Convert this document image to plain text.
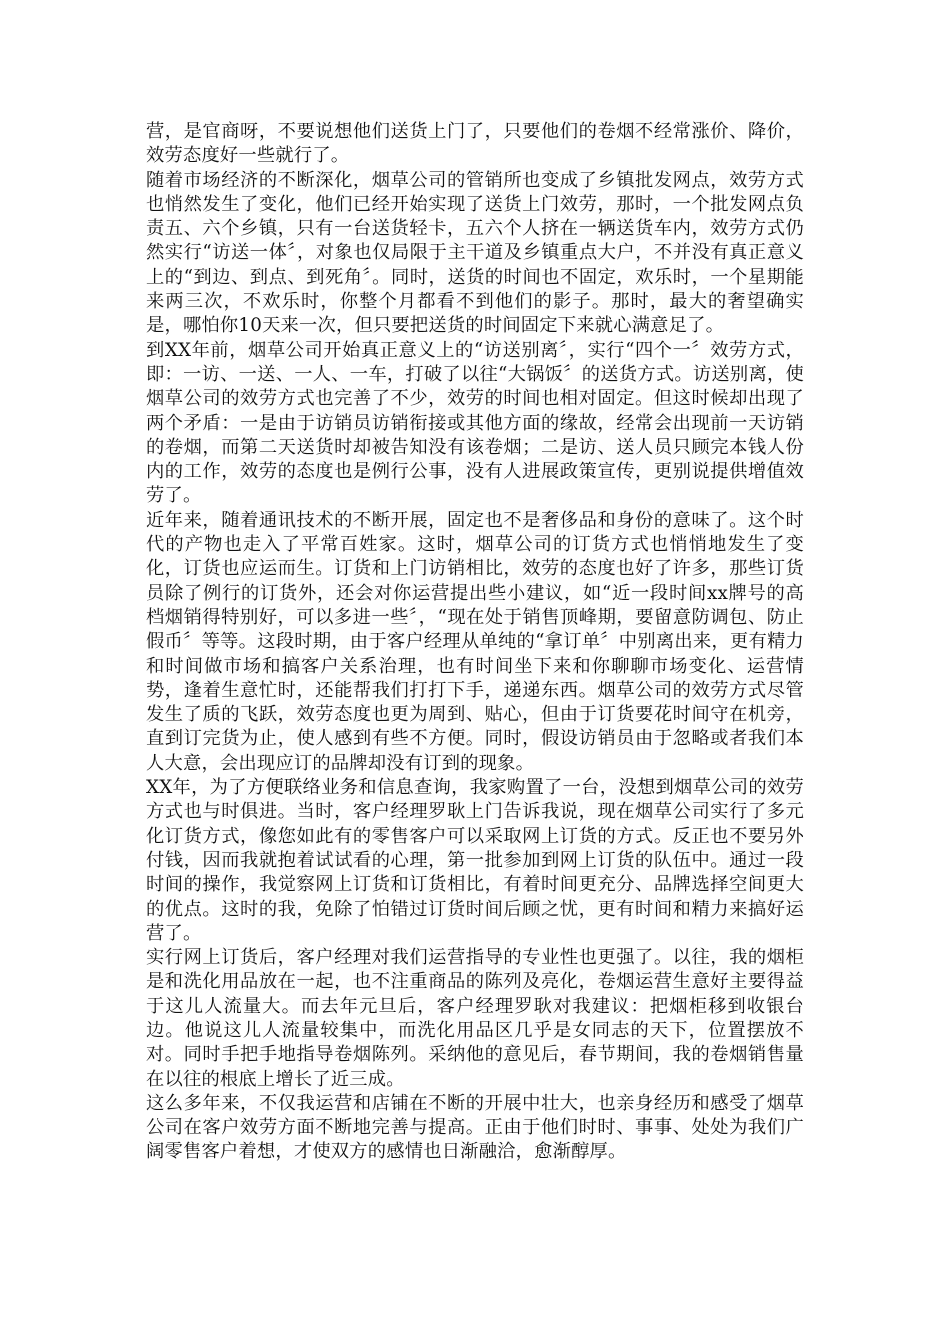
营，是官商呀，不要说想他们送货上门了，只要他们的卷烟不经常涨价、降价，效劳态度好一些就行了。

随着市场经济的不断深化，烟草公司的管销所也变成了乡镇批发网点，效劳方式也悄然发生了变化，他们已经开始实现了送货上门效劳，那时，一个批发网点负责五、六个乡镇，只有一台送货轻卡，五六个人挤在一辆送货车内，效劳方式仍然实行“访送一体〞，对象也仅局限于主干道及乡镇重点大户，不并没有真正意义上的“到边、到点、到死角〞。同时，送货的时间也不固定，欢乐时，一个星期能来两三次，不欢乐时，你整个月都看不到他们的影子。那时，最大的奢望确实是，哪怕你10天来一次，但只要把送货的时间固定下来就心满意足了。

到XX年前，烟草公司开始真正意义上的“访送别离〞，实行“四个一〞效劳方式，即：一访、一送、一人、一车，打破了以往“大锅饭〞的送货方式。访送别离，使烟草公司的效劳方式也完善了不少，效劳的时间也相对固定。但这时候却出现了两个矛盾：一是由于访销员访销衔接或其他方面的缘故，经常会出现前一天访销的卷烟，而第二天送货时却被告知没有该卷烟；二是访、送人员只顾完本钱人份内的工作，效劳的态度也是例行公事，没有人进展政策宣传，更别说提供增值效劳了。

近年来，随着通讯技术的不断开展，固定也不是奢侈品和身份的意味了。这个时代的产物也走入了平常百姓家。这时，烟草公司的订货方式也悄悄地发生了变化，订货也应运而生。订货和上门访销相比，效劳的态度也好了许多，那些订货员除了例行的订货外，还会对你运营提出些小建议，如“近一段时间xx牌号的高档烟销得特别好，可以多进一些〞，“现在处于销售顶峰期，要留意防调包、防止假币〞等等。这段时期，由于客户经理从单纯的“拿订单〞中别离出来，更有精力和时间做市场和搞客户关系治理，也有时间坐下来和你聊聊市场变化、运营情势，逢着生意忙时，还能帮我们打打下手，递递东西。烟草公司的效劳方式尽管发生了质的飞跃，效劳态度也更为周到、贴心，但由于订货要花时间守在机旁，直到订完货为止，使人感到有些不方便。同时，假设访销员由于忽略或者我们本人大意，会出现应订的品牌却没有订到的现象。

XX年，为了方便联络业务和信息查询，我家购置了一台，没想到烟草公司的效劳方式也与时俱进。当时，客户经理罗耿上门告诉我说，现在烟草公司实行了多元化订货方式，像您如此有的零售客户可以采取网上订货的方式。反正也不要另外付钱，因而我就抱着试试看的心理，第一批参加到网上订货的队伍中。通过一段时间的操作，我觉察网上订货和订货相比，有着时间更充分、品牌选择空间更大的优点。这时的我，免除了怕错过订货时间后顾之忧，更有时间和精力来搞好运营了。

实行网上订货后，客户经理对我们运营指导的专业性也更强了。以往，我的烟柜是和洗化用品放在一起，也不注重商品的陈列及亮化，卷烟运营生意好主要得益于这儿人流量大。而去年元旦后，客户经理罗耿对我建议：把烟柜移到收银台边。他说这儿人流量较集中，而洗化用品区几乎是女同志的天下，位置摆放不对。同时手把手地指导卷烟陈列。采纳他的意见后，春节期间，我的卷烟销售量在以往的根底上增长了近三成。

这么多年来，不仅我运营和店铺在不断的开展中壮大，也亲身经历和感受了烟草公司在客户效劳方面不断地完善与提高。正由于他们时时、事事、处处为我们广阔零售客户着想，才使双方的感情也日渐融洽，愈渐醇厚。
